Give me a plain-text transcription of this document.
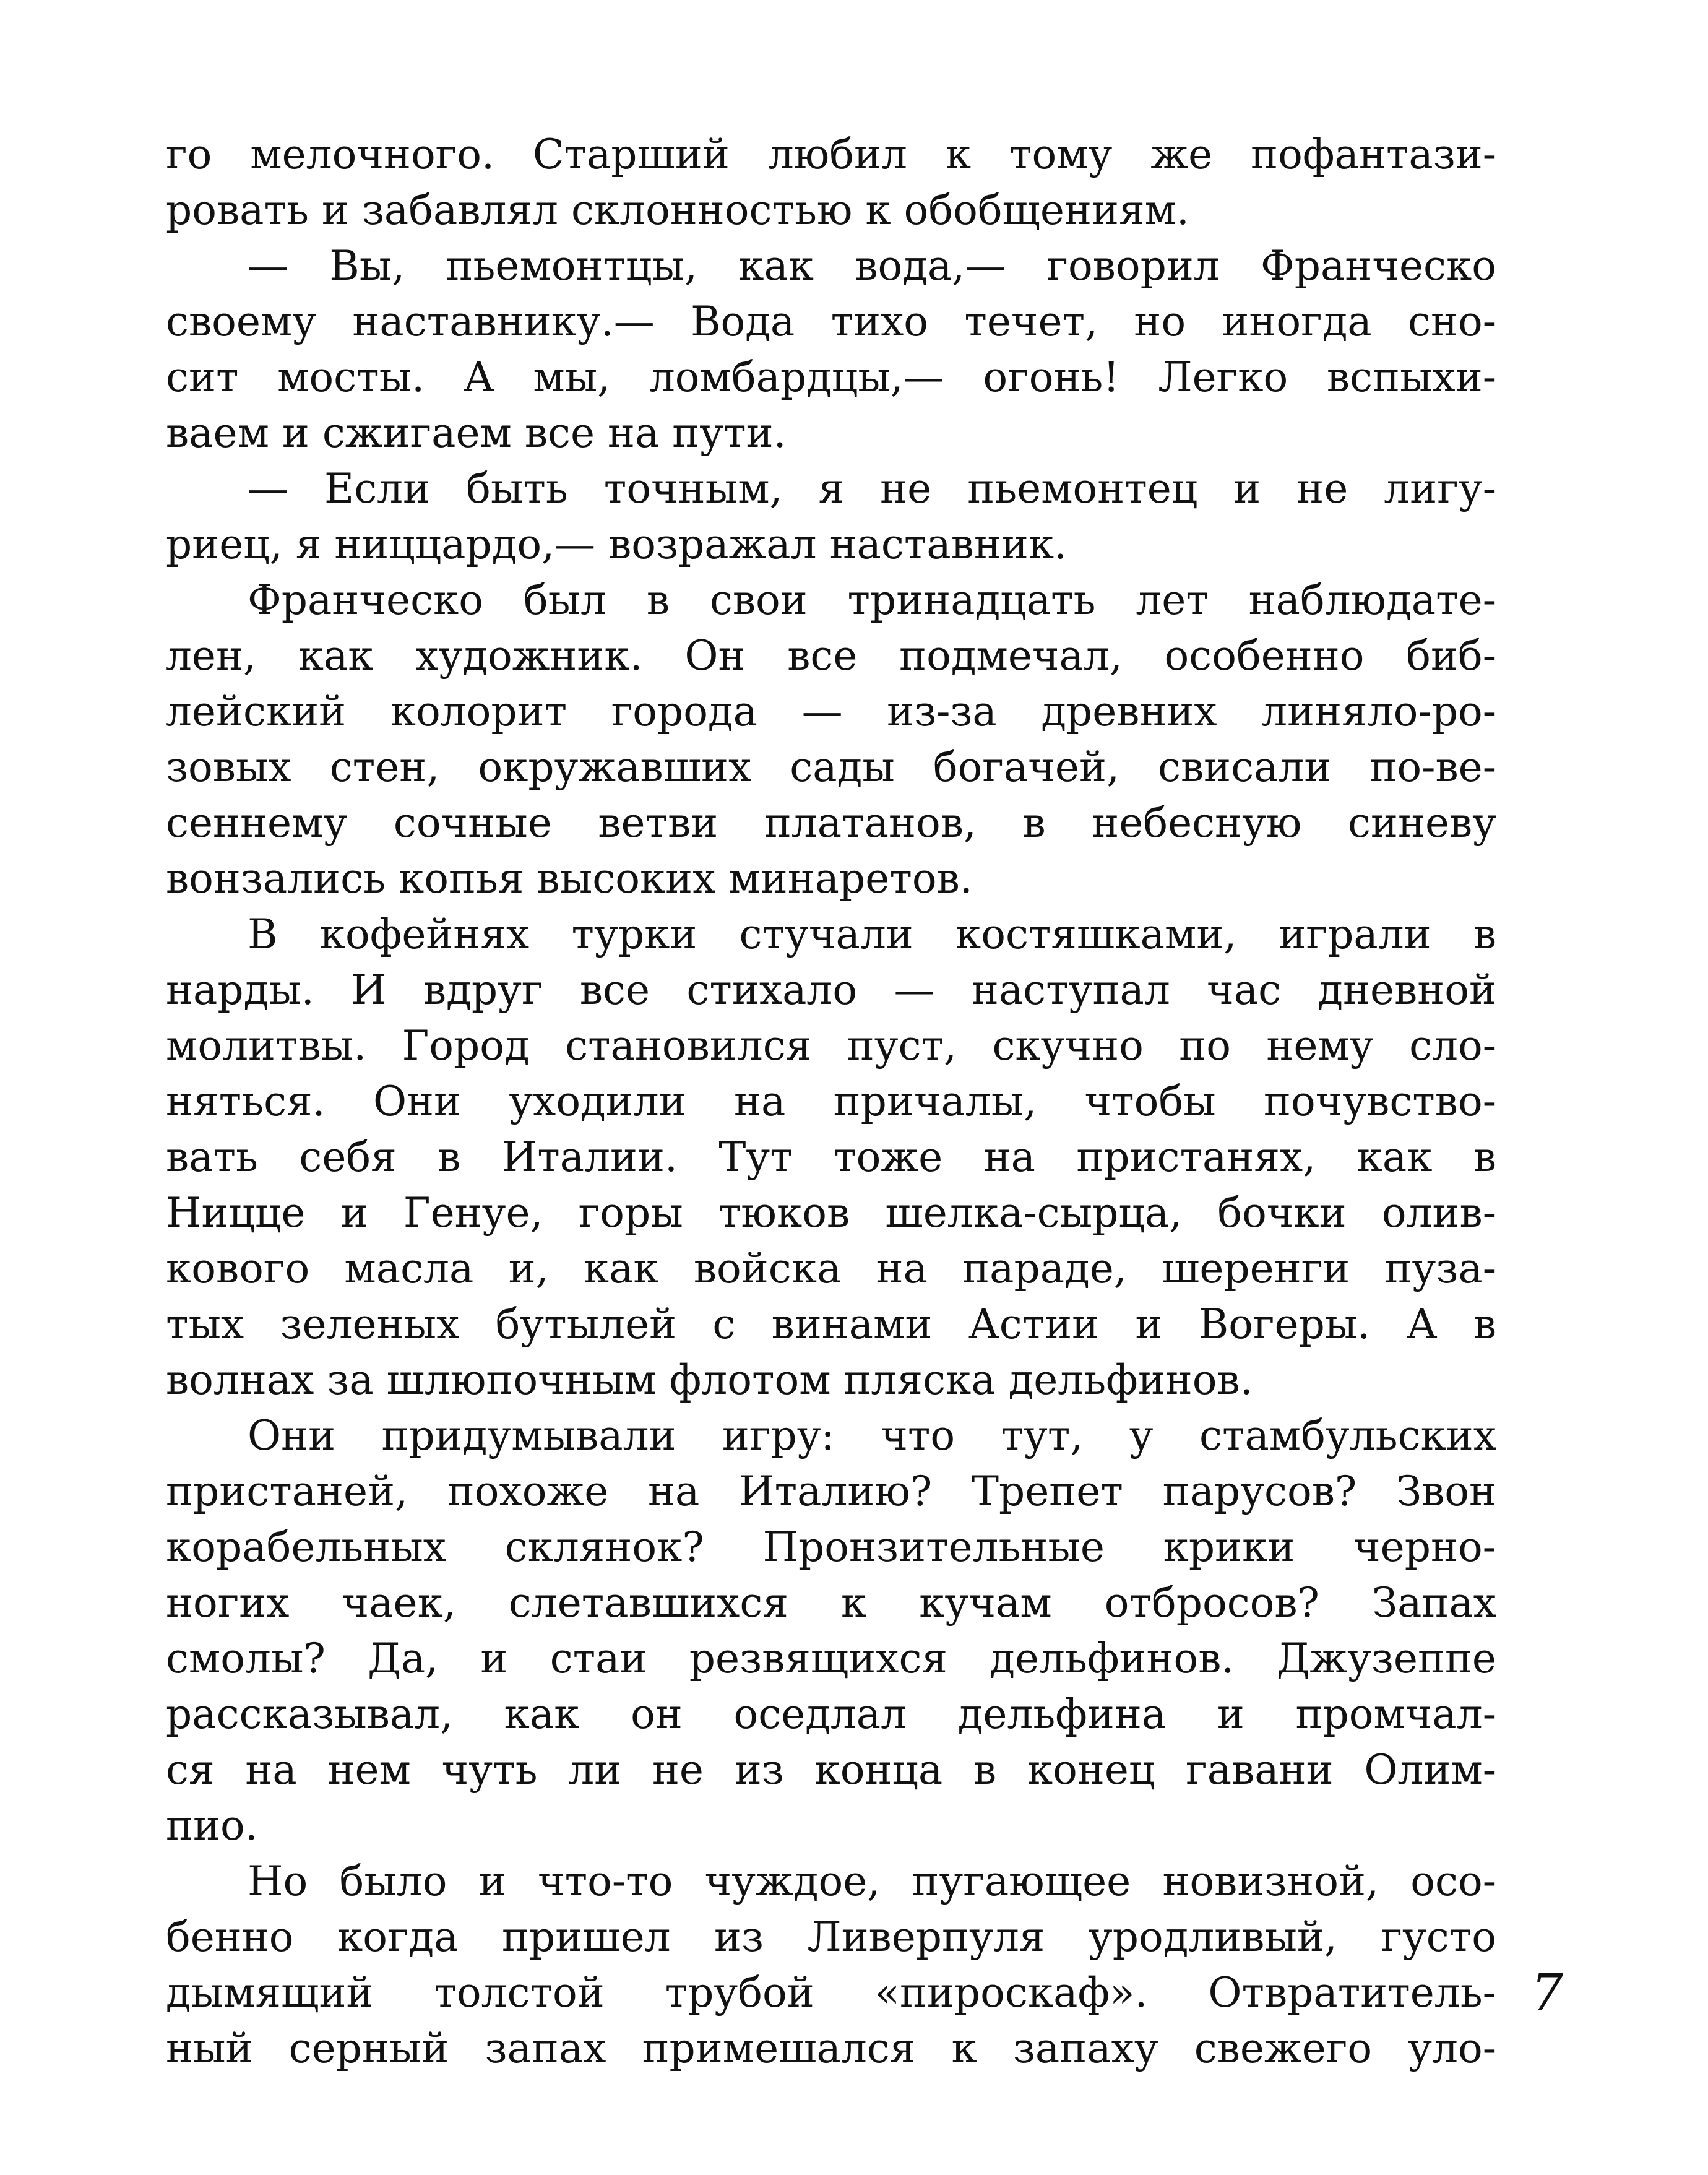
го мелочного. Старший любил к тому же пофантази-
ровать и забавлял склонностью к обобщениям.
— Вы, пьемонтцы, как вода,— говорил Франческо
своему наставнику.— Вода тихо течет, но иногда сно-
сит мосты. А мы, ломбардцы,— огонь! Легко вспыхи-
ваем и сжигаем все на пути.
— Если быть точным, я не пьемонтец и не лигу-
риец, я ниццардо,— возражал наставник.
Франческо был в свои тринадцать лет наблюдате-
лен, как художник. Он все подмечал, особенно биб-
лейский колорит города — из-за древних линяло-ро-
зовых стен, окружавших сады богачей, свисали по-ве-
сеннему сочные ветви платанов, в небесную синеву
вонзались копья высоких минаретов.
В кофейнях турки стучали костяшками, играли в
нарды. И вдруг все стихало — наступал час дневной
молитвы. Город становился пуст, скучно по нему сло-
няться. Они уходили на причалы, чтобы почувство-
вать себя в Италии. Тут тоже на пристанях, как в
Ницце и Генуе, горы тюков шелка-сырца, бочки олив-
кового масла и, как войска на параде, шеренги пуза-
тых зеленых бутылей с винами Астии и Вогеры. А в
волнах за шлюпочным флотом пляска дельфинов.
Они придумывали игру: что тут, у стамбульских
пристаней, похоже на Италию? Трепет парусов? Звон
корабельных склянок? Пронзительные крики черно-
ногих чаек, слетавшихся к кучам отбросов? Запах
смолы? Да, и стаи резвящихся дельфинов. Джузеппе
рассказывал, как он оседлал дельфина и промчал-
ся на нем чуть ли не из конца в конец гавани Олим-
пио.
Но было и что-то чуждое, пугающее новизной, осо-
бенно когда пришел из Ливерпуля уродливый, густо
дымящий толстой трубой «пироскаф». Отвратитель-
ный серный запах примешался к запаху свежего уло-
7
